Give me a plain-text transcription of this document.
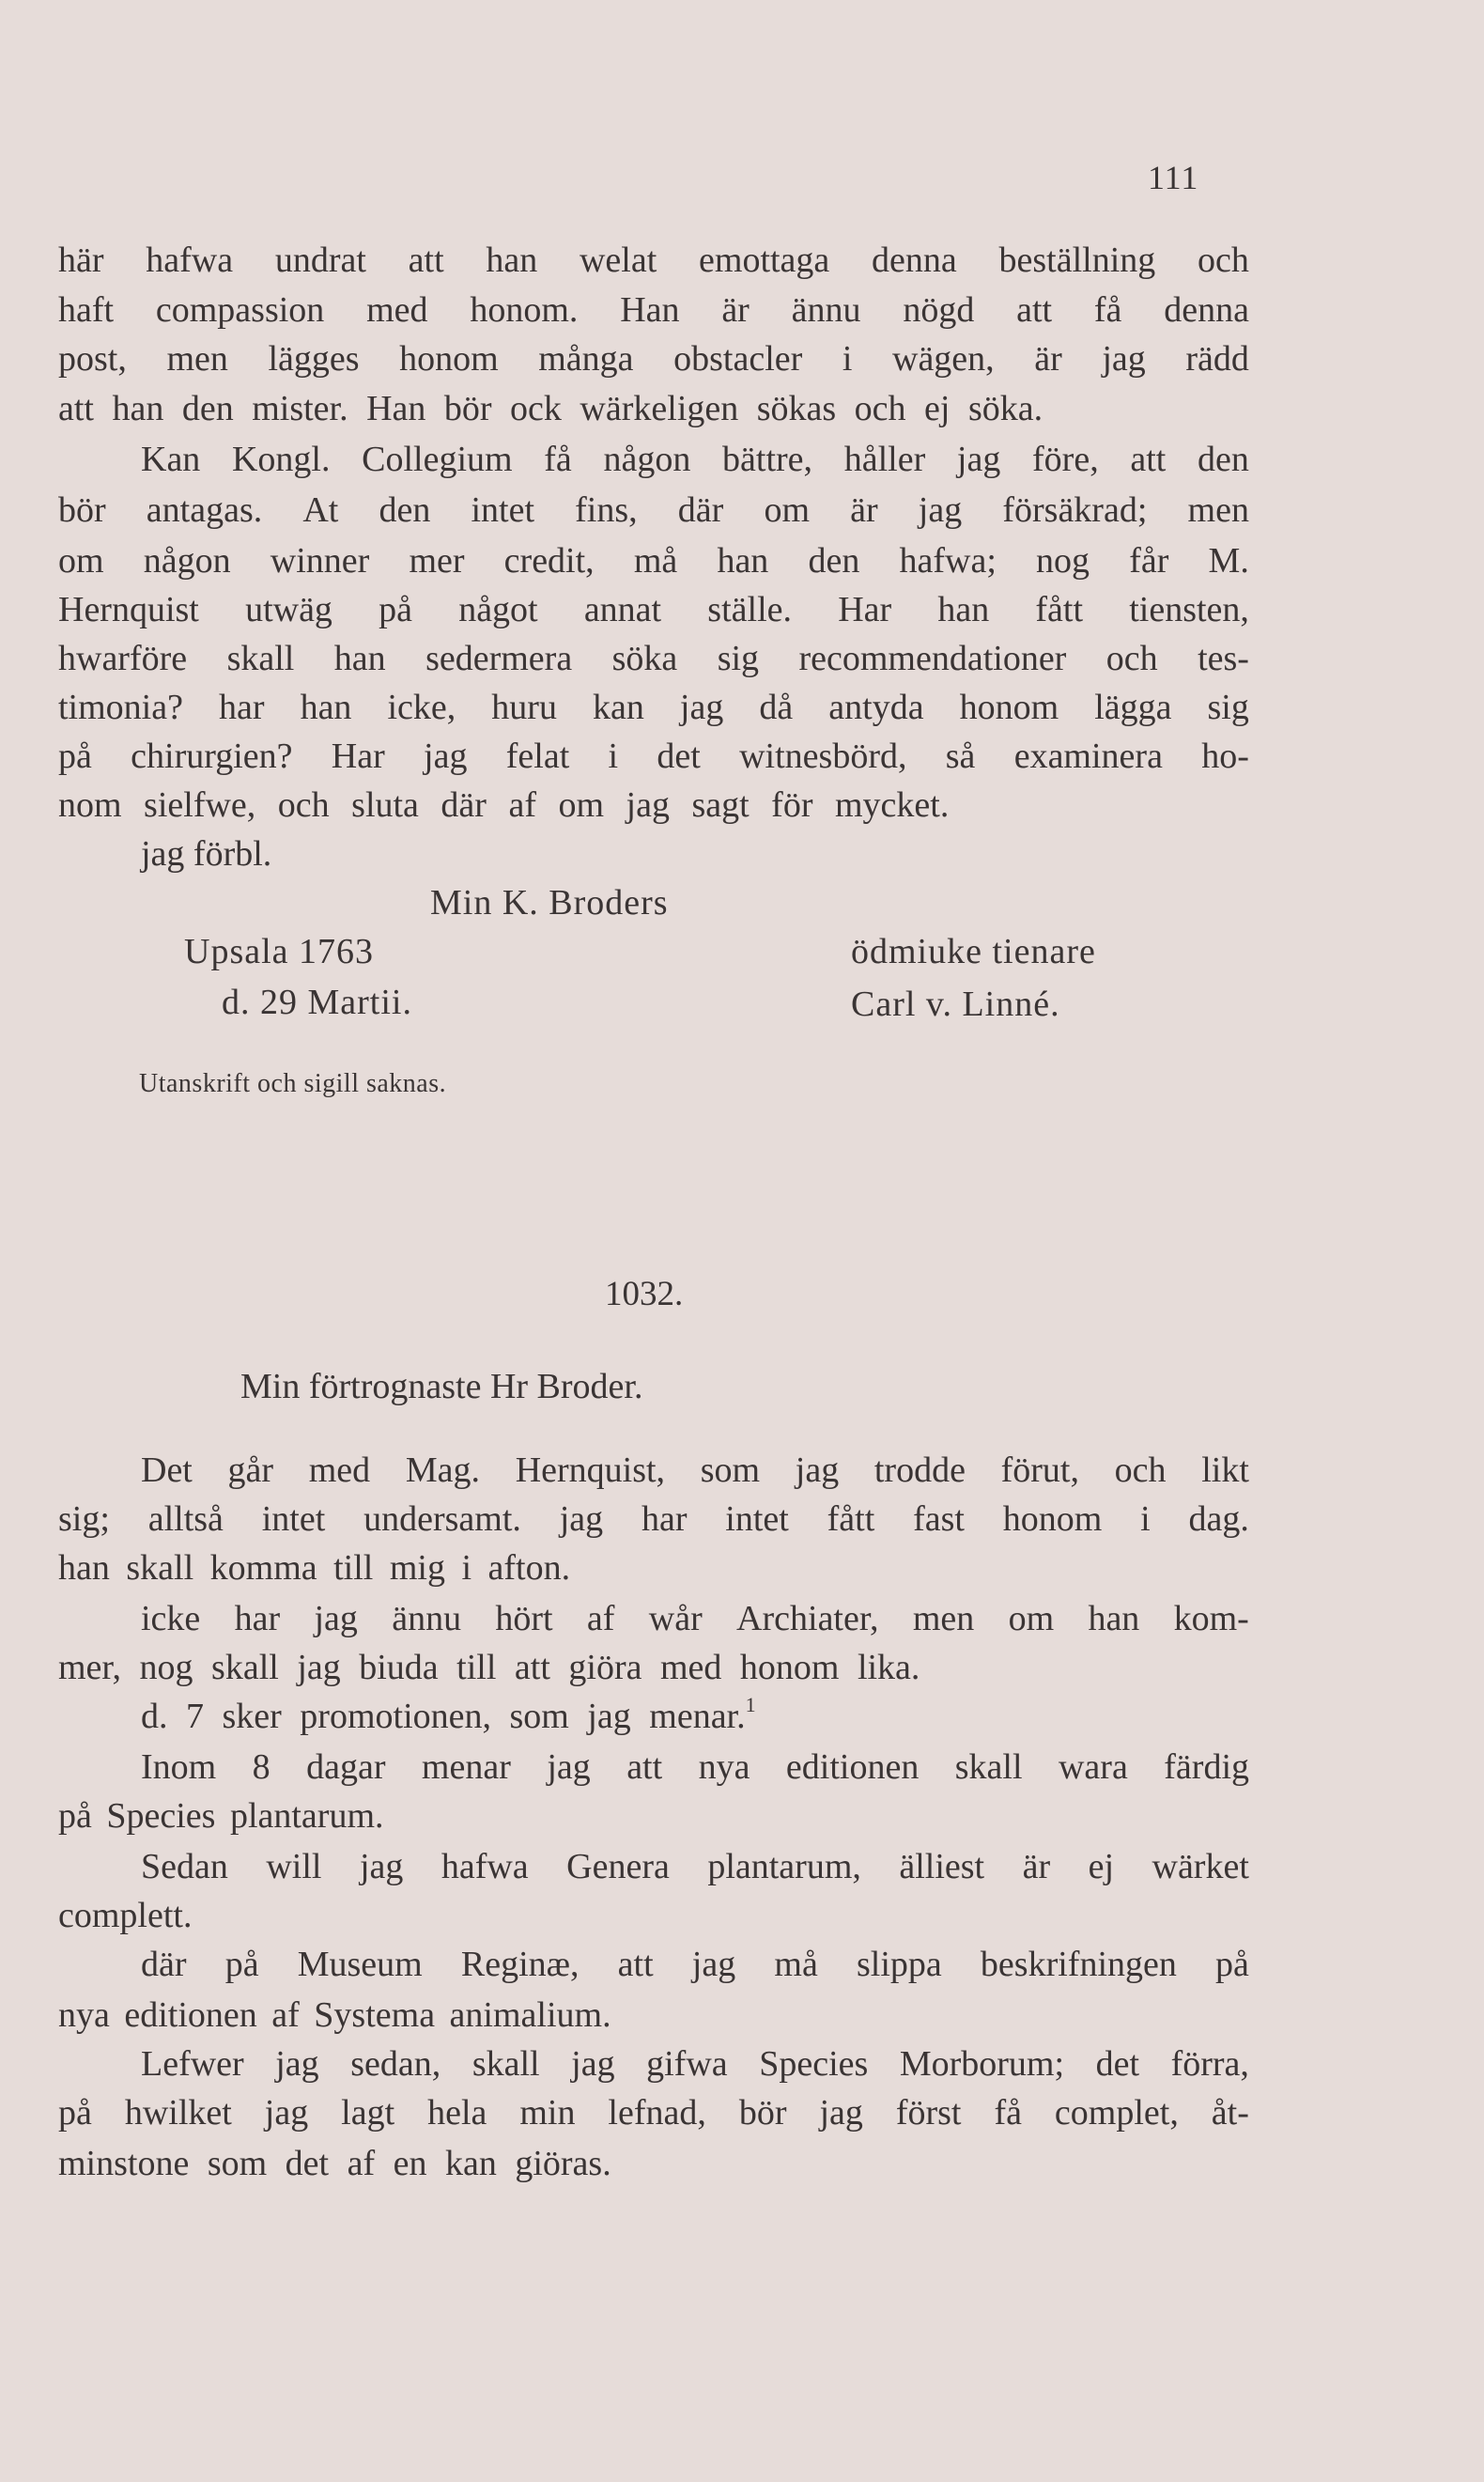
111
här hafwa undrat att han welat emottaga denna beställning och
haft compassion med honom. Han är ännu nögd att få denna
post, men lägges honom många obstacler i wägen, är jag rädd
att han den mister. Han bör ock wärkeligen sökas och ej söka.
Kan Kongl. Collegium få någon bättre, håller jag före, att den
bör antagas. At den intet fins, där om är jag försäkrad; men
om någon winner mer credit, må han den hafwa; nog får M.
Hernquist utwäg på något annat ställe. Har han fått tiensten,
hwarföre skall han sedermera söka sig recommendationer och tes-
timonia? har han icke, huru kan jag då antyda honom lägga sig
på chirurgien? Har jag felat i det witnesbörd, så examinera ho-
nom sielfwe, och sluta där af om jag sagt för mycket.
jag förbl.
Min K. Broders
Upsala 1763	ödmiuke tienare
d. 29 Martii.	Carl v. Linné.
Utanskrift och sigill saknas.
1032.
Min förtrognaste Hr Broder.
Det går med Mag. Hernquist, som jag trodde förut, och likt
sig; alltså intet undersamt. jag har intet fått fast honom i dag.
han skall komma till mig i afton.
icke har jag ännu hört af wår Archiater, men om han kom-
mer, nog skall jag biuda till att giöra med honom lika.
d. 7 sker promotionen, som jag menar.$^1$
Inom 8 dagar menar jag att nya editionen skall wara färdig
på Species plantarum.
Sedan will jag hafwa Genera plantarum, älliest är ej wärket
complett.
där på Museum Reginæ, att jag må slippa beskrifningen på
nya editionen af Systema animalium.
Lefwer jag sedan, skall jag gifwa Species Morborum; det förra,
på hwilket jag lagt hela min lefnad, bör jag först få complet, åt-
minstone som det af en kan giöras.
